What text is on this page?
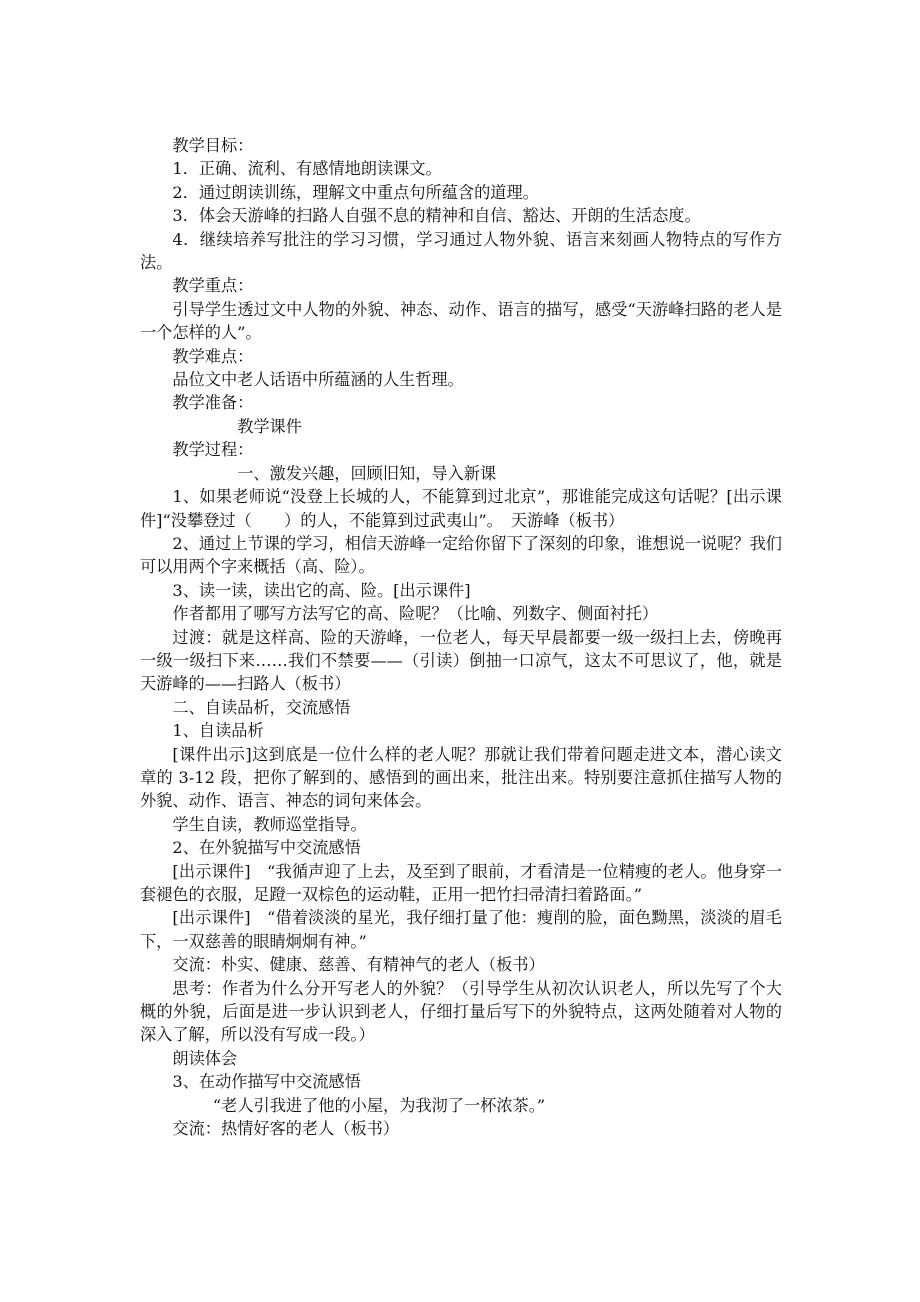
教学目标：

1．正确、流利、有感情地朗读课文。

2．通过朗读训练，理解文中重点句所蕴含的道理。

3．体会天游峰的扫路人自强不息的精神和自信、豁达、开朗的生活态度。

4．继续培养写批注的学习习惯，学习通过人物外貌、语言来刻画人物特点的写作方法。

教学重点：

引导学生透过文中人物的外貌、神态、动作、语言的描写，感受“天游峰扫路的老人是一个怎样的人”。

教学难点：

品位文中老人话语中所蕴涵的人生哲理。

教学准备：

教学课件

教学过程：

一、激发兴趣，回顾旧知，导入新课

1、如果老师说“没登上长城的人，不能算到过北京”，那谁能完成这句话呢？[出示课件]“没攀登过（　　）的人，不能算到过武夷山”。　天游峰（板书）

2、通过上节课的学习，相信天游峰一定给你留下了深刻的印象，谁想说一说呢？我们可以用两个字来概括（高、险）。

3、读一读，读出它的高、险。[出示课件]

作者都用了哪写方法写它的高、险呢？（比喻、列数字、侧面衬托）

过渡：就是这样高、险的天游峰，一位老人，每天早晨都要一级一级扫上去，傍晚再一级一级扫下来……我们不禁要——（引读）倒抽一口凉气，这太不可思议了，他，就是天游峰的——扫路人（板书）

二、自读品析，交流感悟

1、自读品析

[课件出示]这到底是一位什么样的老人呢？那就让我们带着问题走进文本，潜心读文章的 3-12 段，把你了解到的、感悟到的画出来，批注出来。特别要注意抓住描写人物的外貌、动作、语言、神态的词句来体会。

学生自读，教师巡堂指导。

2、在外貌描写中交流感悟

[出示课件]　“我循声迎了上去，及至到了眼前，才看清是一位精瘦的老人。他身穿一套褪色的衣服，足蹬一双棕色的运动鞋，正用一把竹扫帚清扫着路面。”

[出示课件]　“借着淡淡的星光，我仔细打量了他：瘦削的脸，面色黝黑，淡淡的眉毛下，一双慈善的眼睛炯炯有神。”

交流：朴实、健康、慈善、有精神气的老人（板书）

思考：作者为什么分开写老人的外貌？（引导学生从初次认识老人，所以先写了个大概的外貌，后面是进一步认识到老人，仔细打量后写下的外貌特点，这两处随着对人物的深入了解，所以没有写成一段。）

朗读体会

3、在动作描写中交流感悟

“老人引我进了他的小屋，为我沏了一杯浓茶。”

交流：热情好客的老人（板书）
